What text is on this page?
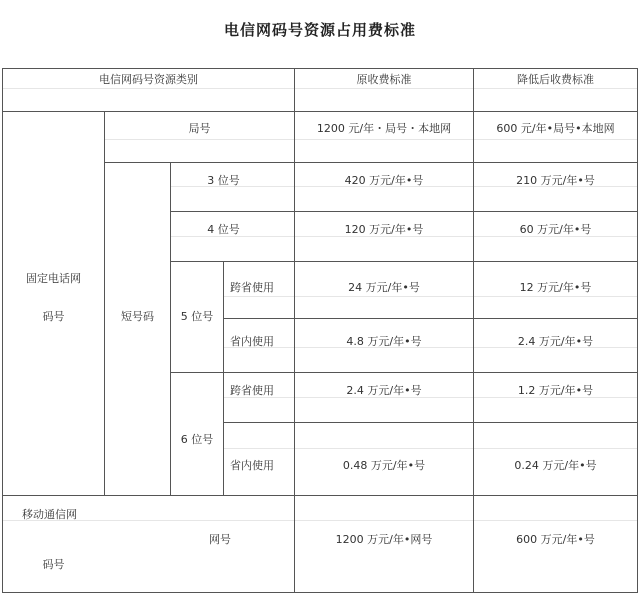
电信网码号资源占用费标准
电信网码号资源类别	原收费标准	降低后收费标准
固定电话网
码号
局号	1200 元/年・局号・本地网	600 元/年•局号•本地网
短号码
3 位号	420 万元/年•号	210 万元/年•号
4 位号	120 万元/年•号	60 万元/年•号
5 位号
跨省使用	24 万元/年•号	12 万元/年•号
省内使用	4.8 万元/年•号	2.4 万元/年•号
6 位号
跨省使用	2.4 万元/年•号	1.2 万元/年•号
省内使用	0.48 万元/年•号	0.24 万元/年•号
移动通信网
码号
网号	1200 万元/年•网号	600 万元/年•号
